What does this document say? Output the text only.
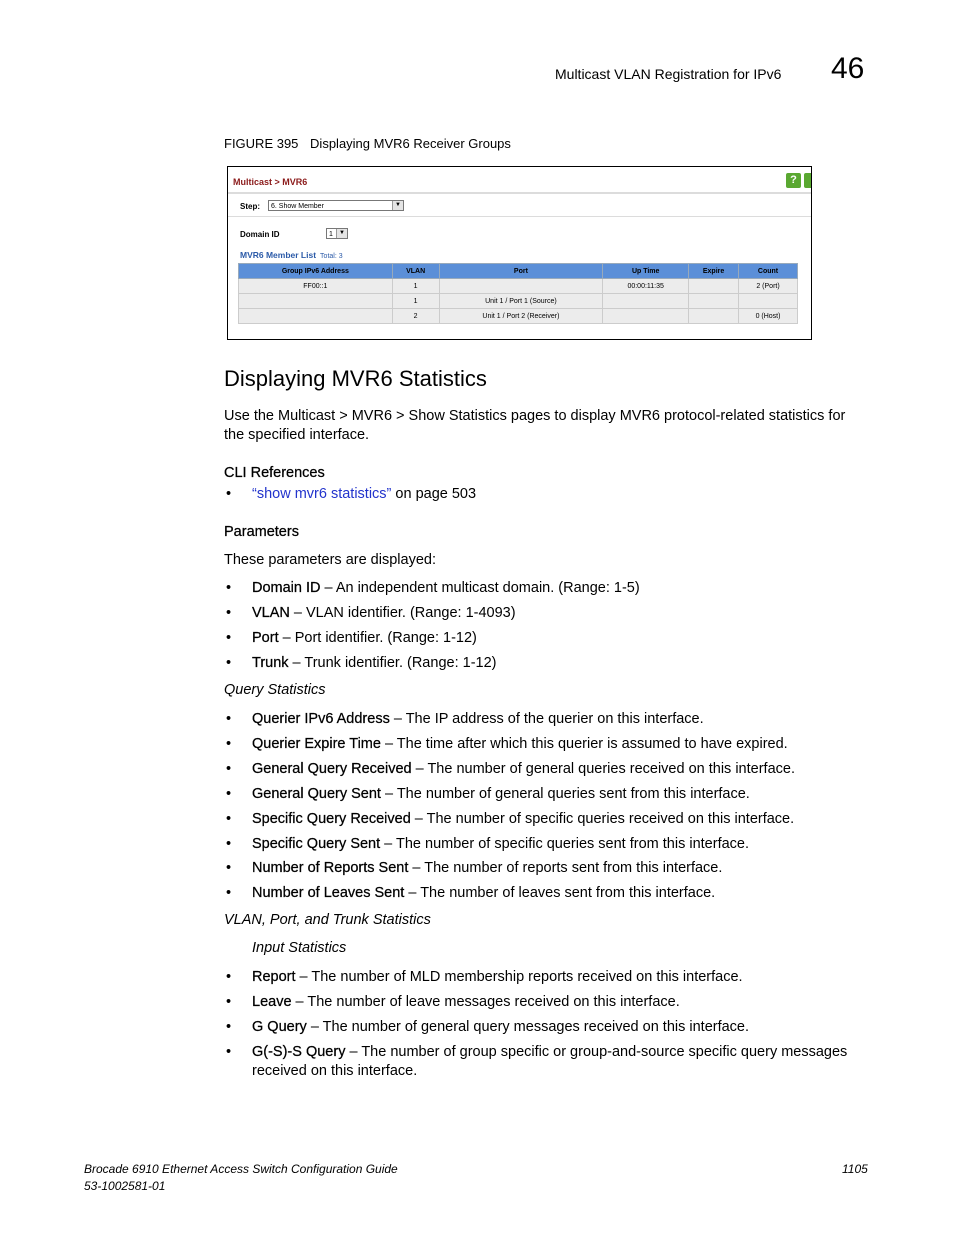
Multicast VLAN Registration for IPv6 46
FIGURE 395 Displaying MVR6 Receiver Groups
Multicast > MVR6	?
Step:	6. Show Member	▼
Domain ID	1	▼
MVR6 Member List Total: 3
Group IPv6 Address	VLAN	Port	Up Time	Expire	Count
FF00::1	1		00:00:11:35		2 (Port)
	1	Unit 1 / Port 1 (Source)			
	2	Unit 1 / Port 2 (Receiver)			0 (Host)
Displaying MVR6 Statistics

Use the Multicast > MVR6 > Show Statistics pages to display MVR6 protocol-related statistics for

the specified interface.

CLI References

• “show mvr6 statistics” on page 503

Parameters

These parameters are displayed:

• Domain ID – An independent multicast domain. (Range: 1-5)
• VLAN – VLAN identifier. (Range: 1-4093)
• Port – Port identifier. (Range: 1-12)
• Trunk – Trunk identifier. (Range: 1-12)
Query Statistics
• Querier IPv6 Address – The IP address of the querier on this interface.
• Querier Expire Time – The time after which this querier is assumed to have expired.
• General Query Received – The number of general queries received on this interface.
• General Query Sent – The number of general queries sent from this interface.
• Specific Query Received – The number of specific queries received on this interface.
• Specific Query Sent – The number of specific queries sent from this interface.
• Number of Reports Sent – The number of reports sent from this interface.
• Number of Leaves Sent – The number of leaves sent from this interface.
VLAN, Port, and Trunk Statistics
Input Statistics
• Report – The number of MLD membership reports received on this interface.
• Leave – The number of leave messages received on this interface.
• G Query – The number of general query messages received on this interface.
• G(-S)-S Query – The number of group specific or group-and-source specific query messages
received on this interface.
Brocade 6910 Ethernet Access Switch Configuration Guide
53-1002581-01
1105
